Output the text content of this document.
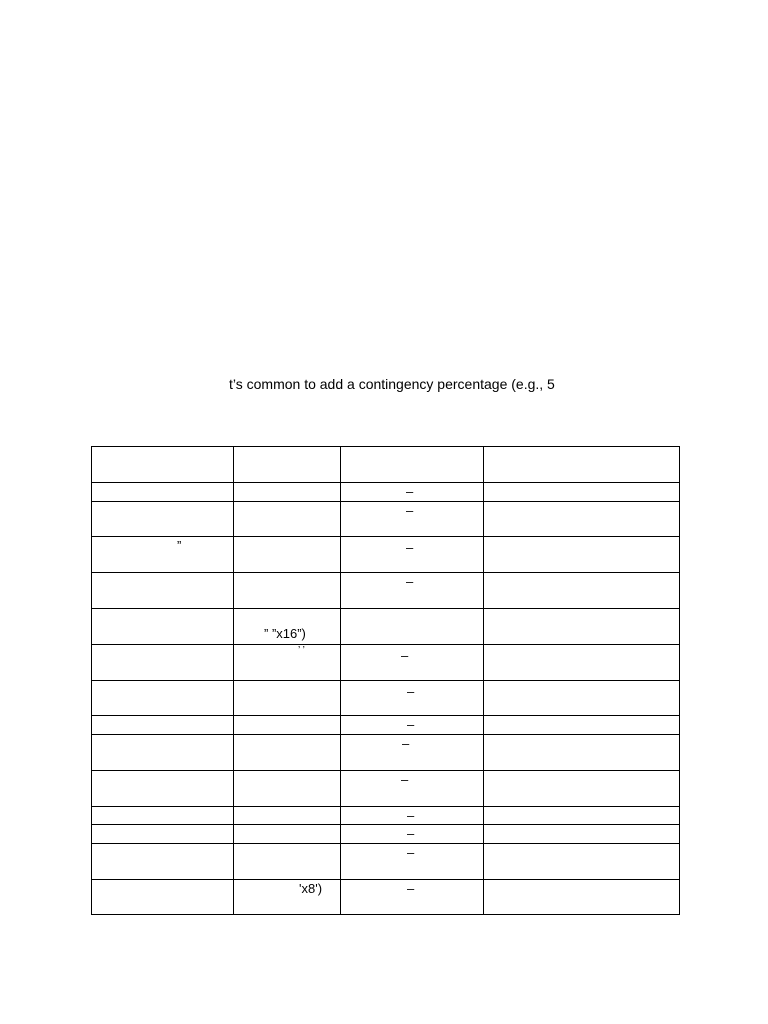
t’s common to add a contingency percentage (e.g., 5

		–	

		–	

”		–	

		–	

	” ”x16”)		

	’ ’	–	

		–	

		–	

		–	

		–	

		–	

		–	

		–	

	'x8')	–	
